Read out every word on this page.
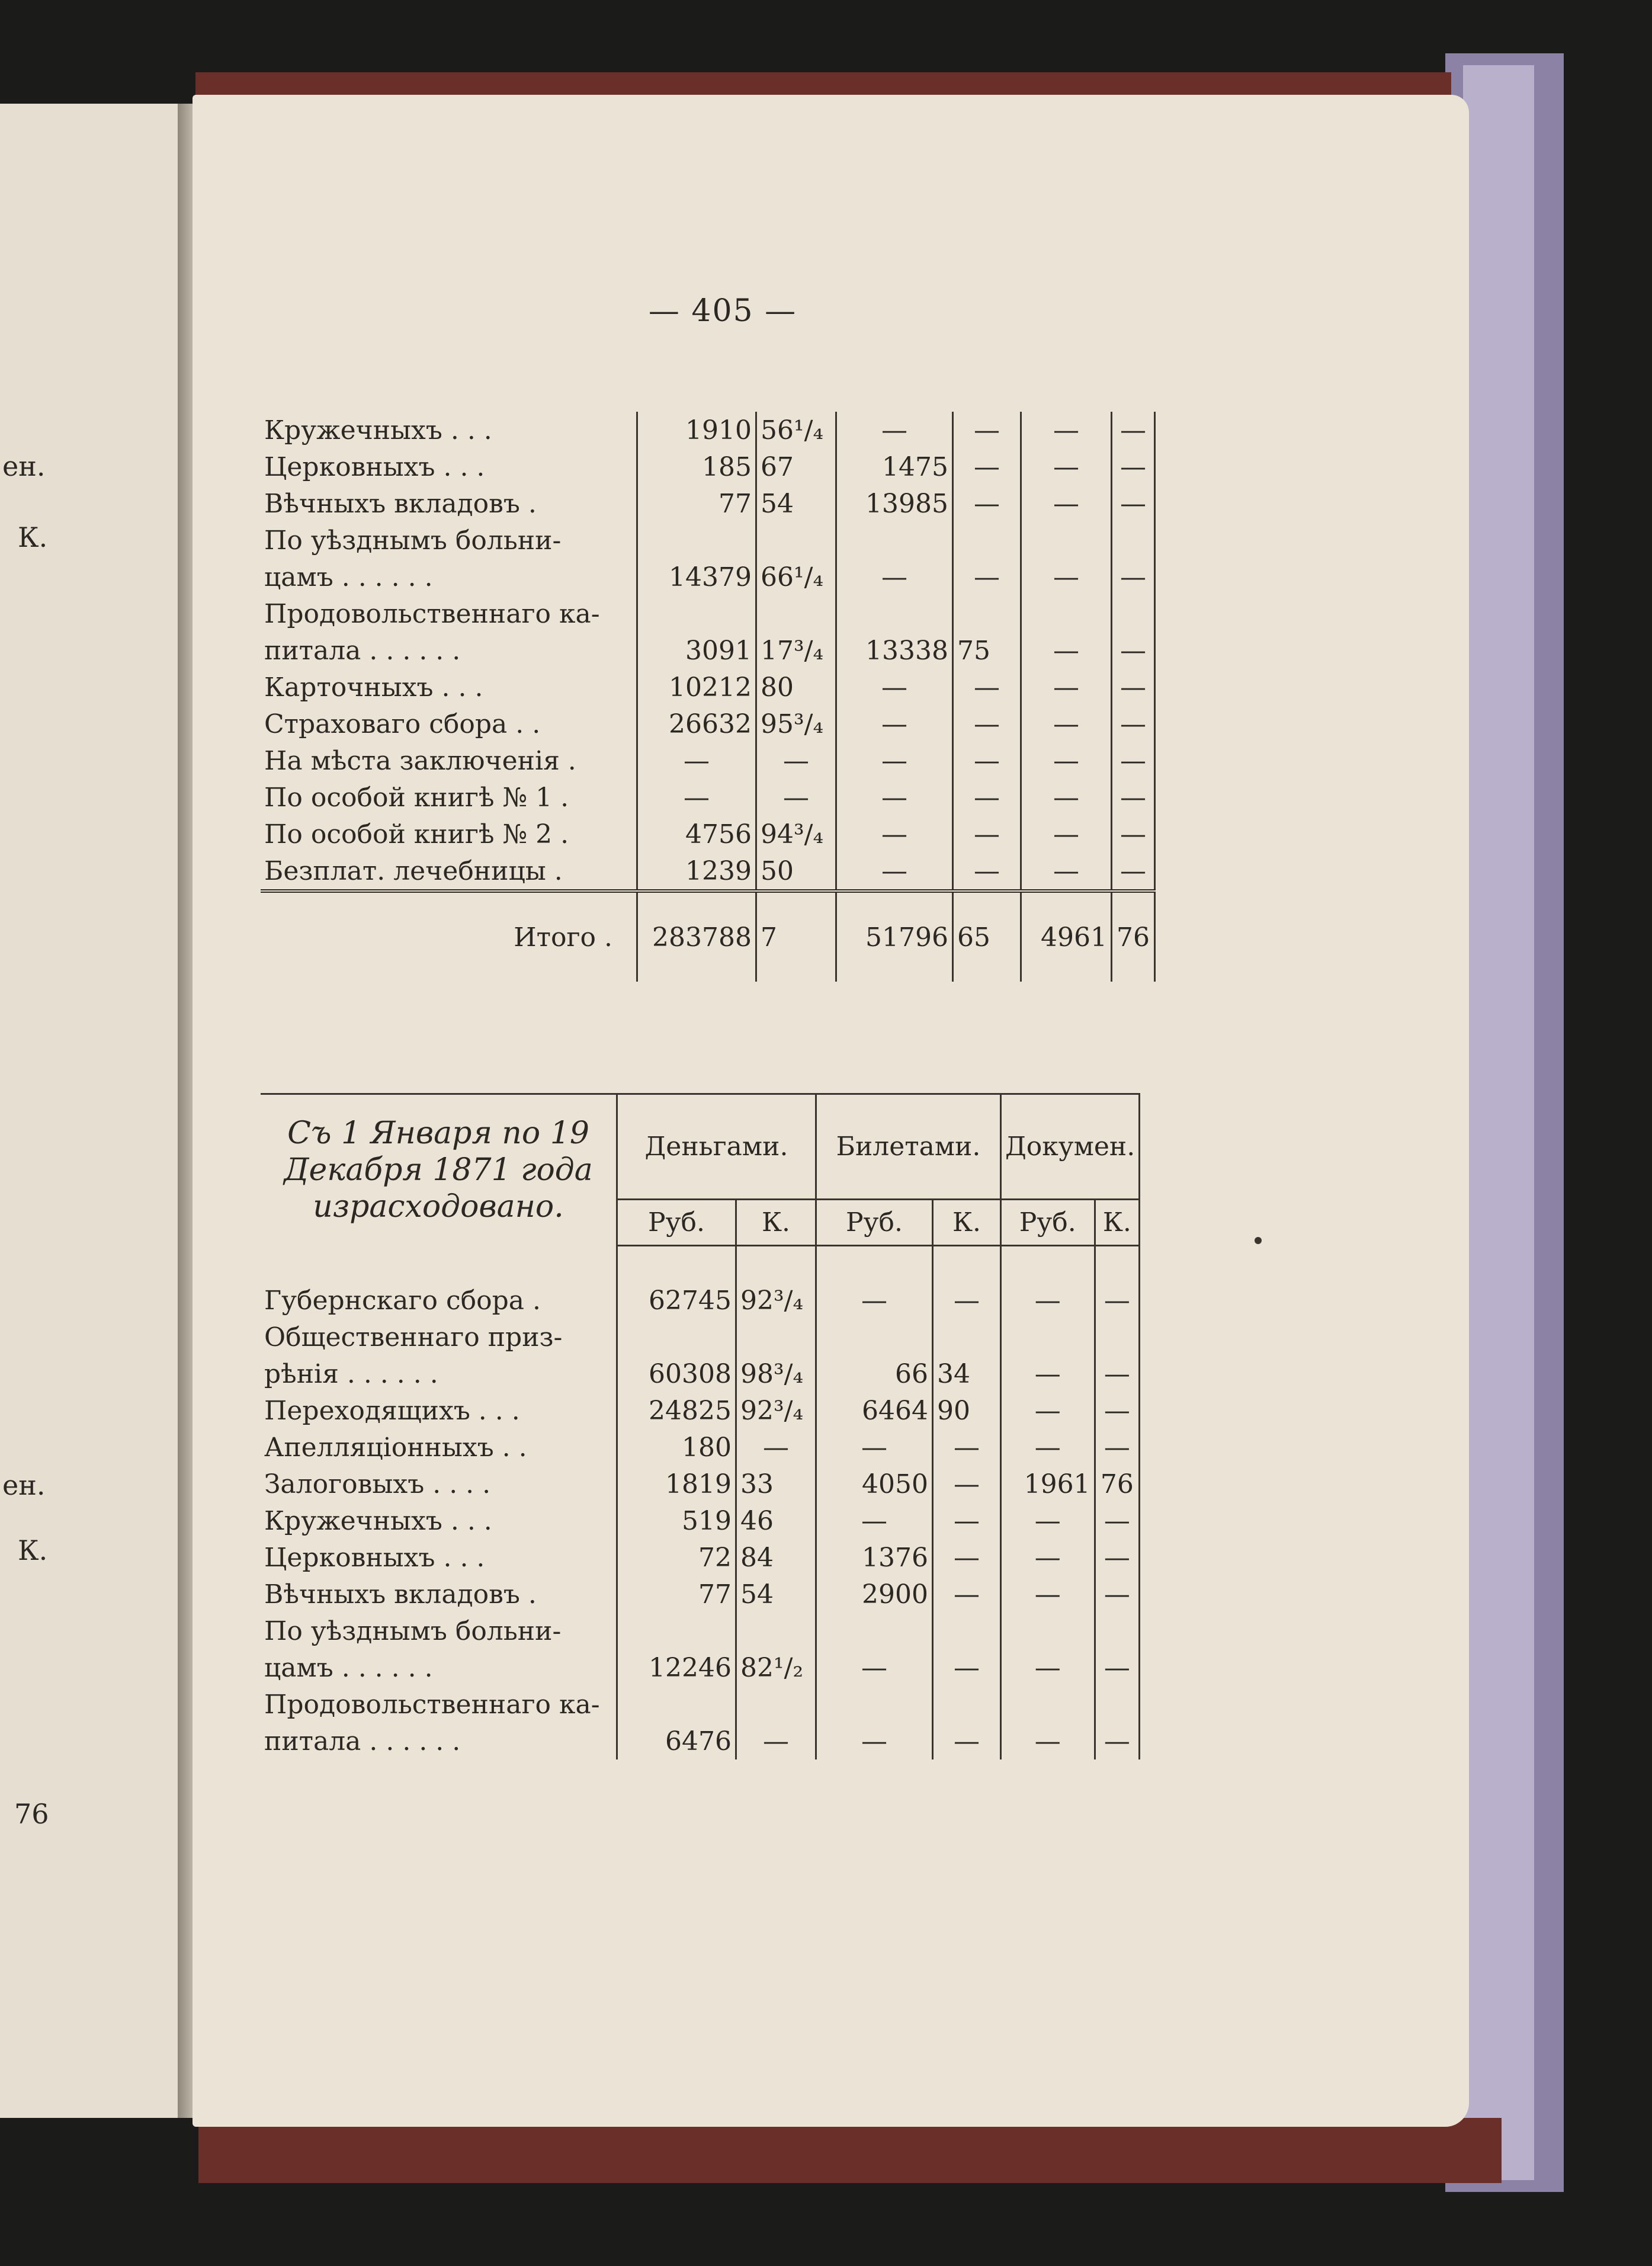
ен.
К.
ен.
К.
76
— 405 —
Кружечныхъ . . .	1910	56¹/₄	—	—	—	—
Церковныхъ . . .	185	67	1475	—	—	—
Вѣчныхъ вкладовъ .	77	54	13985	—	—	—
По уѣзднымъ больни-						
цамъ . . . . . .	14379	66¹/₄	—	—	—	—
Продовольственнаго ка-						
питала . . . . . .	3091	17³/₄	13338	75	—	—
Карточныхъ . . .	10212	80	—	—	—	—
Страховаго сбора . .	26632	95³/₄	—	—	—	—
На мѣста заключенія .	—	—	—	—	—	—
По особой книгѣ № 1 .	—	—	—	—	—	—
По особой книгѣ № 2 .	4756	94³/₄	—	—	—	—
Безплат. лечебницы .	1239	50	—	—	—	—
Итого .	283788	7	51796	65	4961	76
Съ 1 Января по 19
Декабря 1871 года
израсходовано.	Деньгами.		Билетами.		Докумен.	
	Руб.	К.	Руб.	К.	Руб.	К.

Губернскаго сбора .	62745	92³/₄	—	—	—	—
Общественнаго приз-						
рѣнія . . . . . .	60308	98³/₄	66	34	—	—
Переходящихъ . . .	24825	92³/₄	6464	90	—	—
Апелляціонныхъ . .	180	—	—	—	—	—
Залоговыхъ . . . .	1819	33	4050	—	1961	76
Кружечныхъ . . .	519	46	—	—	—	—
Церковныхъ . . .	72	84	1376	—	—	—
Вѣчныхъ вкладовъ .	77	54	2900	—	—	—
По уѣзднымъ больни-						
цамъ . . . . . .	12246	82¹/₂	—	—	—	—
Продовольственнаго ка-						
питала . . . . . .	6476	—	—	—	—	—
